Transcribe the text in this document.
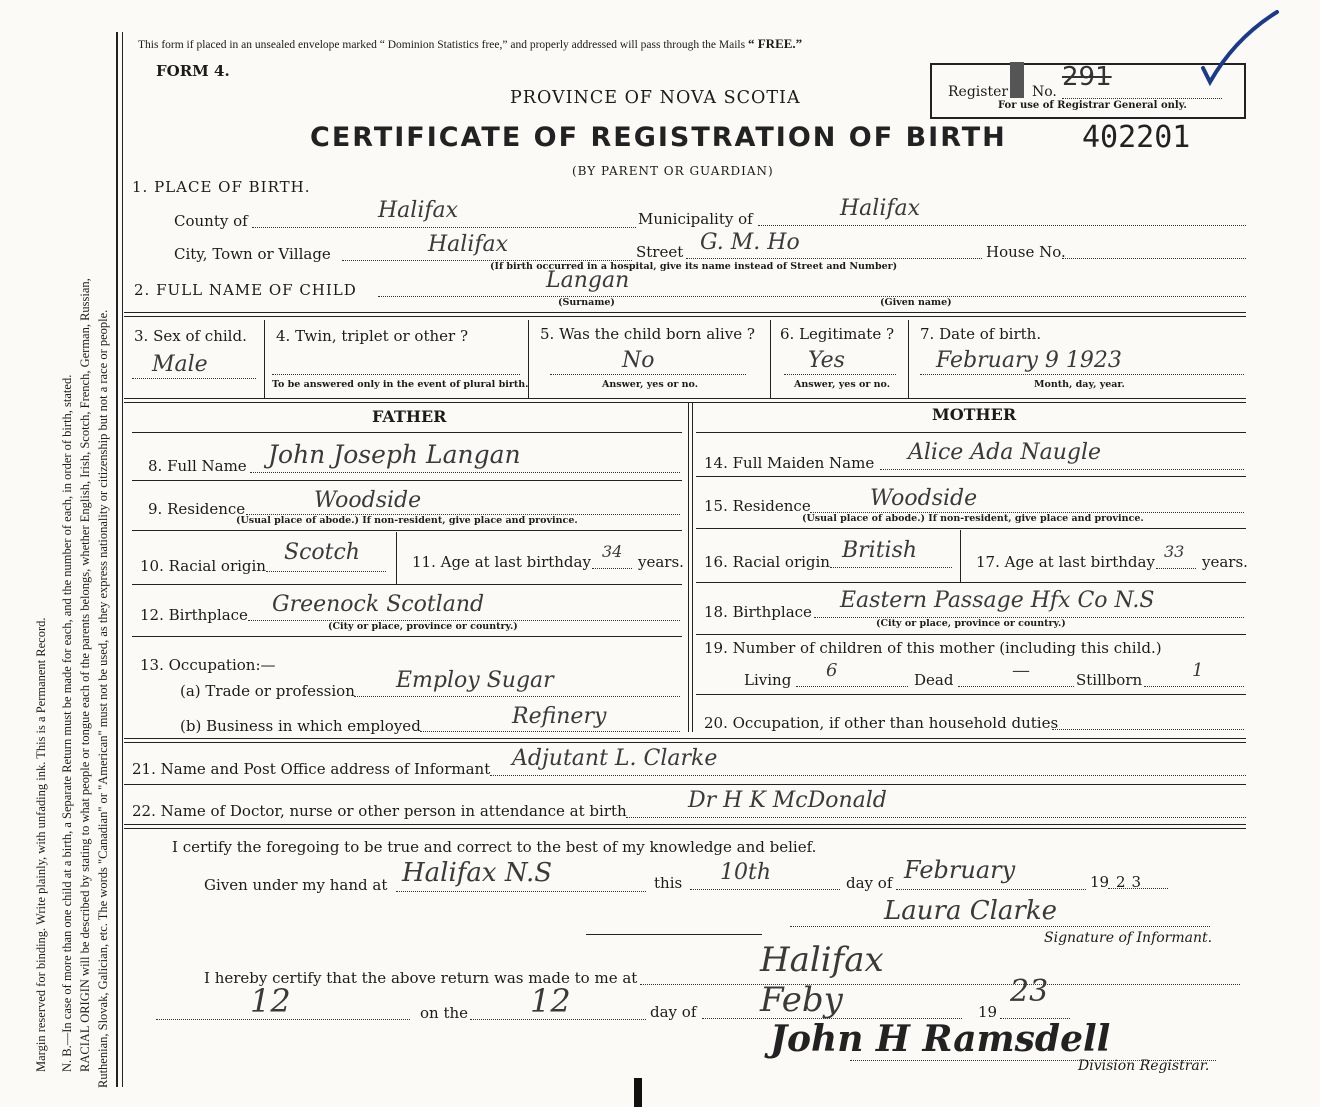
Margin reserved for binding. Write plainly, with unfading ink. This is a Permanent Record. N. B.—In case of more than one child at a birth, a Separate Return must be made for each, and the number of each, in order of birth, stated. RACIAL ORIGIN will be described by stating to what people or tongue each of the parents belongs, whether English, Irish, Scotch, French, German, Russian, Ruthenian, Slovak, Galician, etc. The words "Canadian" or "American" must not be used, as they express nationality or citizenship but not a race or people.
This form if placed in an unsealed envelope marked “ Dominion Statistics free,” and properly addressed will pass through the Mails “ FREE.”
FORM 4.
PROVINCE OF NOVA SCOTIA	Register No. 291
For use of Registrar General only.
CERTIFICATE OF REGISTRATION OF BIRTH	402201
(BY PARENT OR GUARDIAN)
1. PLACE OF BIRTH.
County of	Halifax	Municipality of	Halifax
City, Town or Village	Halifax	Street G. M. Ho	House No.
(If birth occurred in a hospital, give its name instead of Street and Number)
2. FULL NAME OF CHILD	Langan
(Surname)	(Given name)
3. Sex of child.
Male
4. Twin, triplet or other ?
To be answered only in the event of plural birth.
5. Was the child born alive ?
No
Answer, yes or no.
6. Legitimate ?
Yes
Answer, yes or no.
7. Date of birth.
February 9 1923
Month, day, year.
FATHER
8. Full Name John Joseph Langan
9. Residence	Woodside
(Usual place of abode.) If non-resident, give place and province.
10. Racial origin
Scotch	11. Age at last birthday
34
years.
12. Birthplace Greenock Scotland
(City or place, province or country.)
13. Occupation:—
(a) Trade or profession Employ Sugar
(b) Business in which employed	Refinery
MOTHER
14. Full Maiden Name Alice Ada Naugle
15. Residence	Woodside
(Usual place of abode.) If non-resident, give place and province.
16. Racial origin British	17. Age at last birthday
33
years.
18. Birthplace Eastern Passage Hfx Co N.S
(City or place, province or country.)
19. Number of children of this mother (including this child.)
Living 6	Dead	—	Stillborn	1
20. Occupation, if other than household duties
21. Name and Post Office address of Informant Adjutant L. Clarke
22. Name of Doctor, nurse or other person in attendance at birth	Dr H K McDonald
I certify the foregoing to be true and correct to the best of my knowledge and belief.
Given under my hand at Halifax N.S	this 10th	day of February	19 23
Laura Clarke
Signature of Informant.
I hereby certify that the above return was made to me at	Halifax
12	on the 12	day of Feby	19
23
John H Ramsdell
Division Registrar.
